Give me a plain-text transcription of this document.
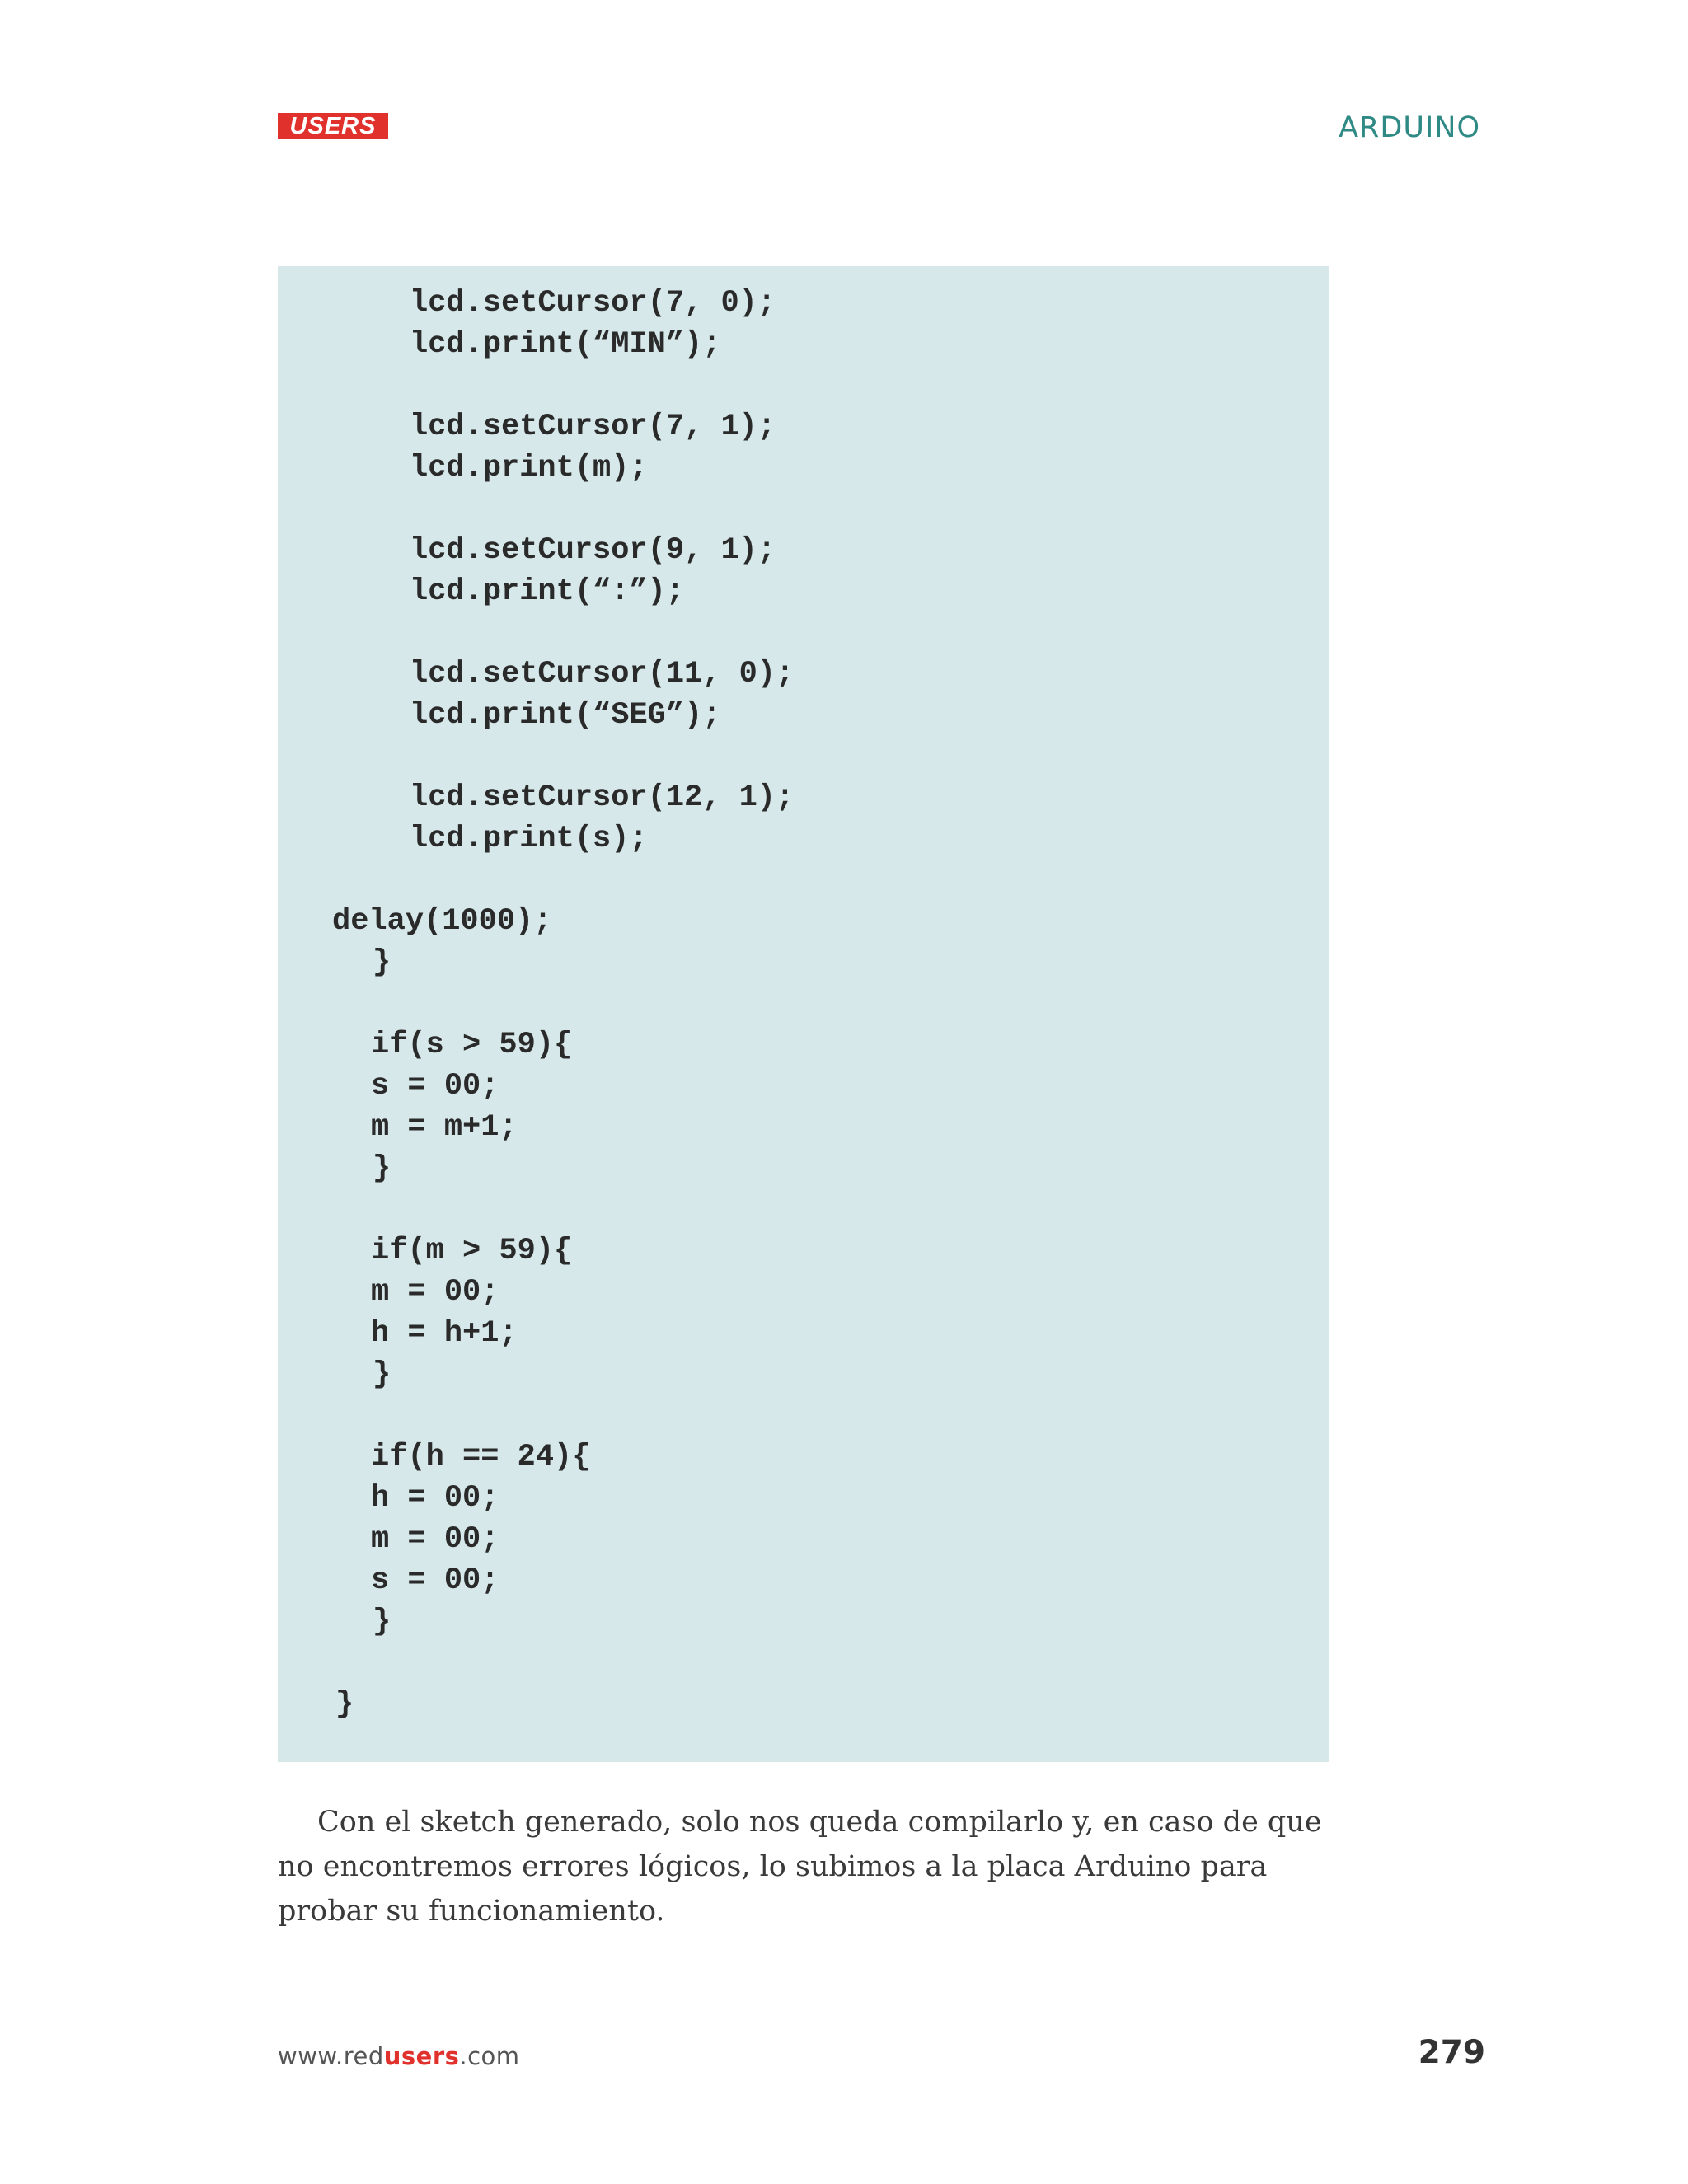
USERS	ARDUINO
lcd.setCursor(7, 0);
lcd.print(“MIN”);
lcd.setCursor(7, 1);
lcd.print(m);
lcd.setCursor(9, 1);
lcd.print(“:”);
lcd.setCursor(11, 0);
lcd.print(“SEG”);
lcd.setCursor(12, 1);
lcd.print(s);
delay(1000);
}
if(s > 59){
s = 00;
m = m+1;
}
if(m > 59){
m = 00;
h = h+1;
}
if(h == 24){
h = 00;
m = 00;
s = 00;
}
}

Con el sketch generado, solo nos queda compilarlo y, en caso de que no encontremos errores lógicos, lo subimos a la placa Arduino para probar su funcionamiento.

www.redusers.com	279
